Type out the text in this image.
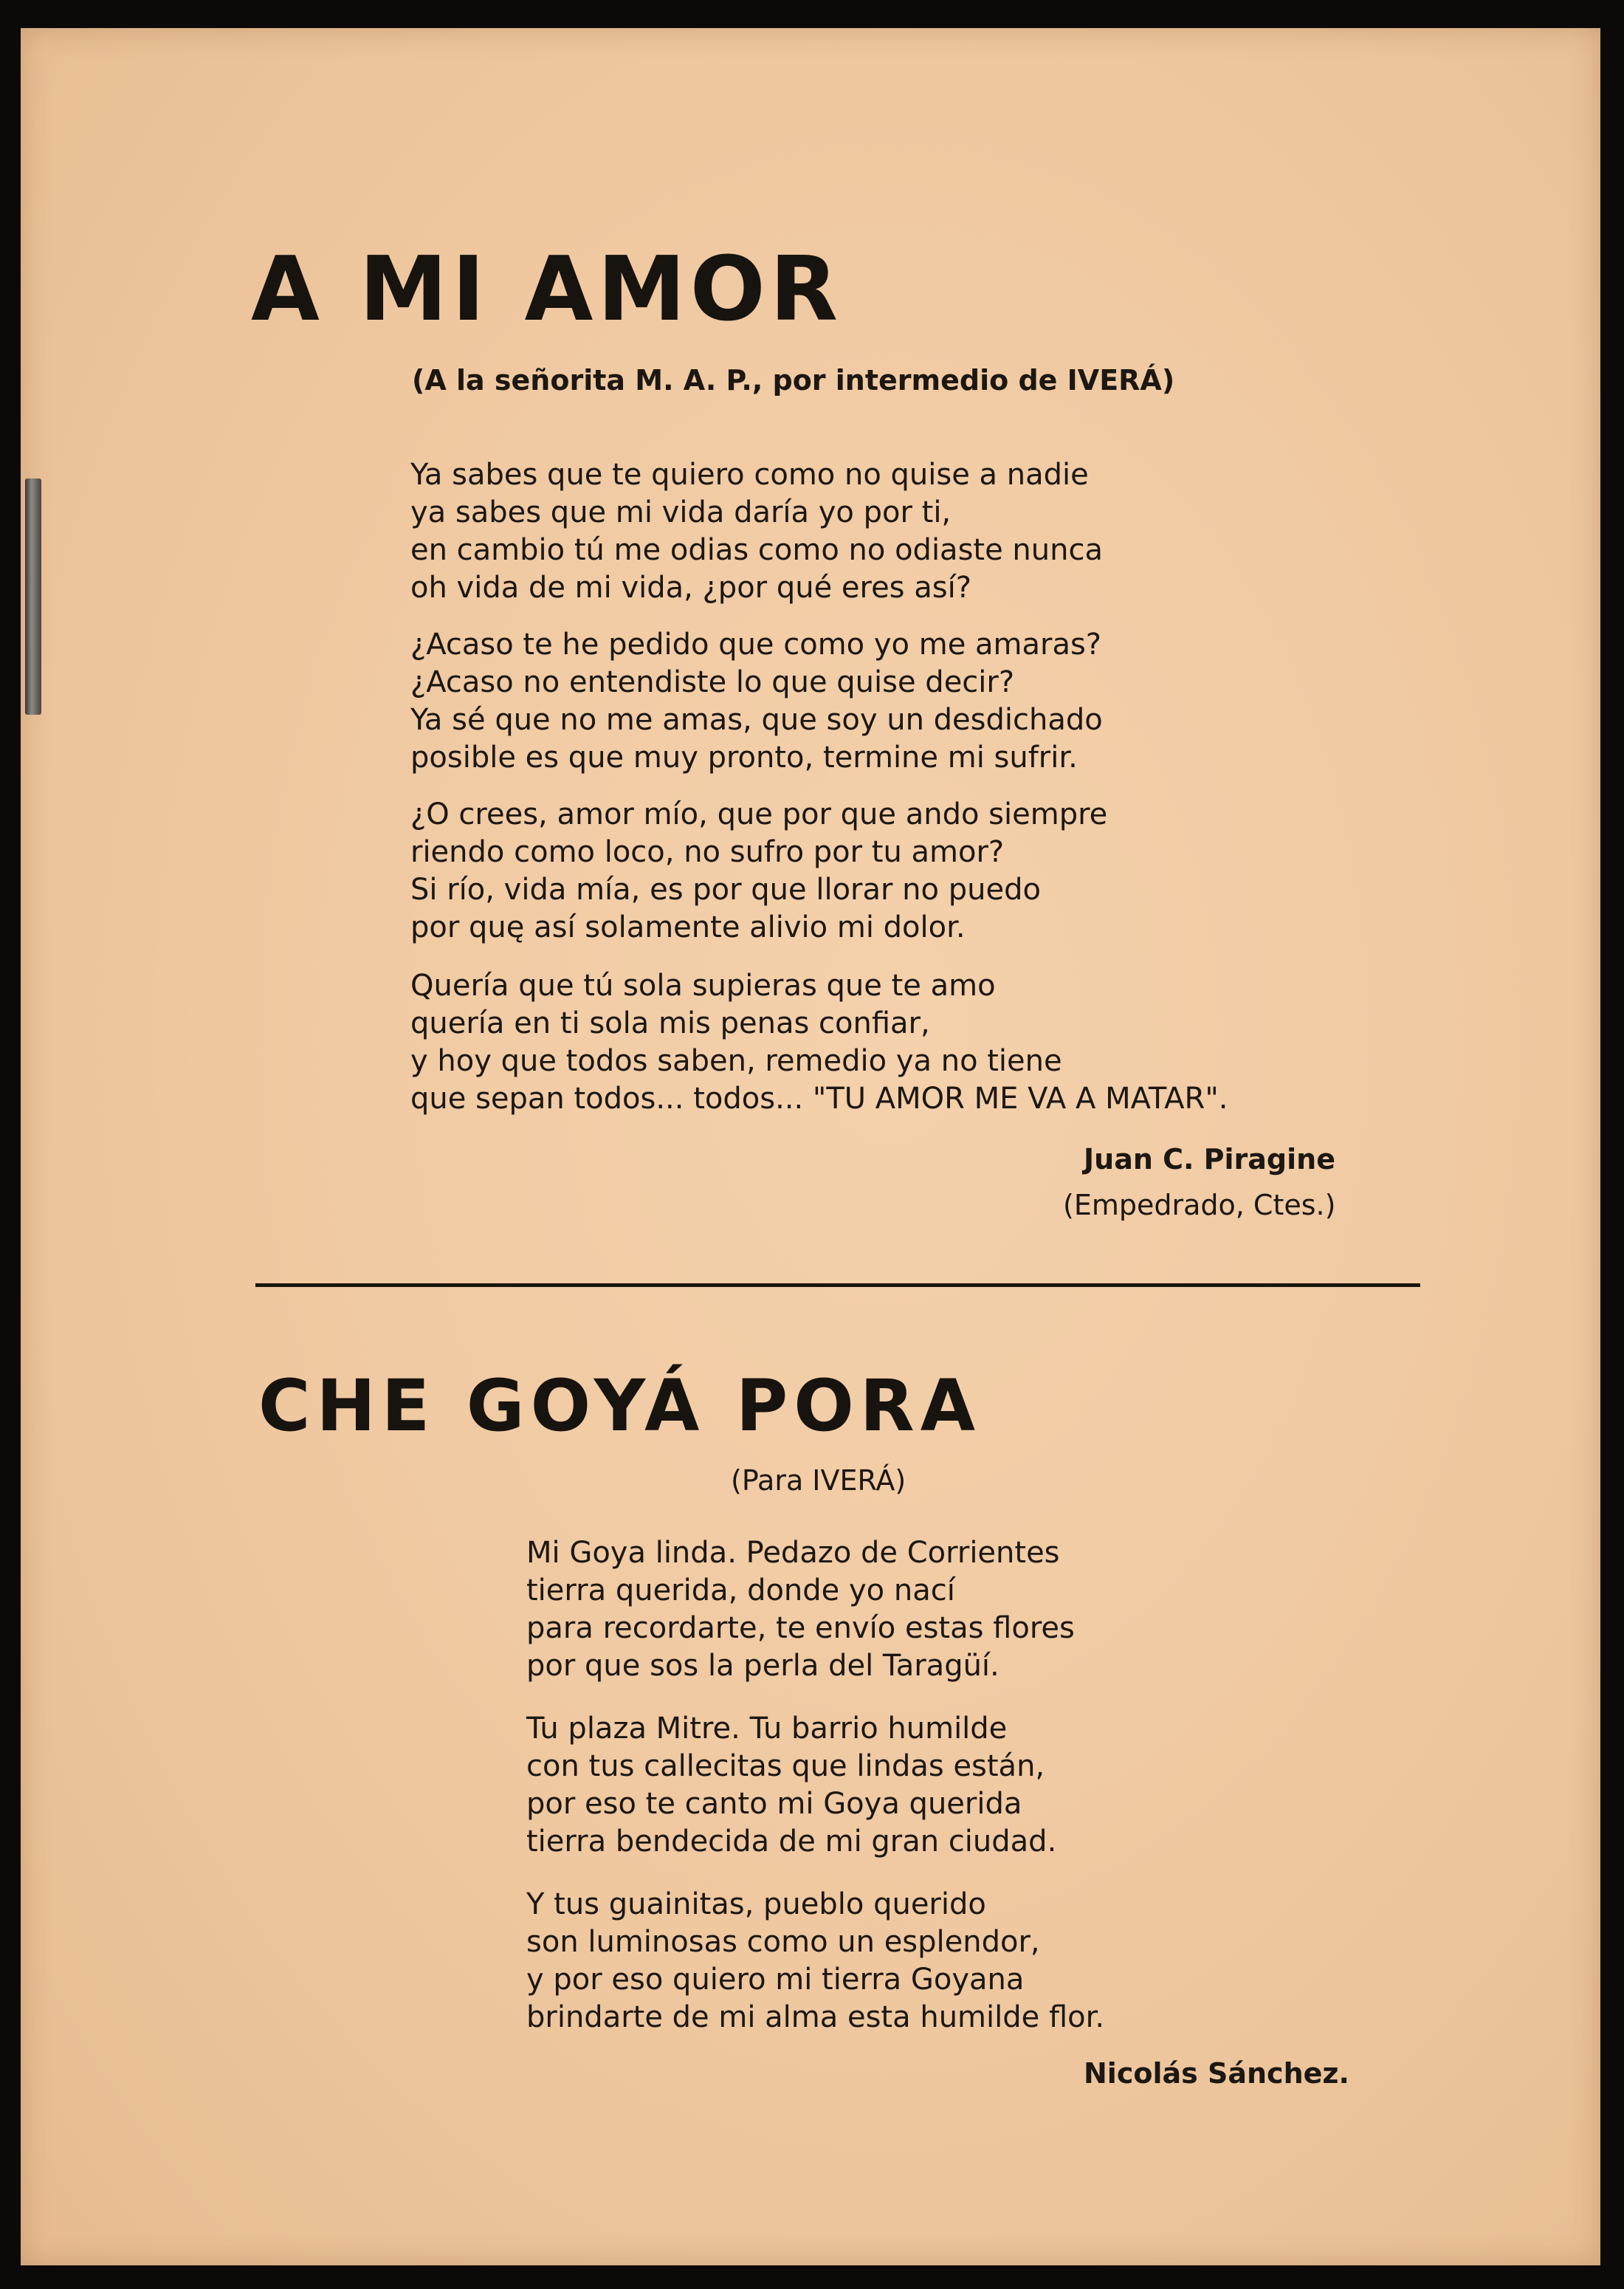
A MI AMOR

(A la señorita M. A. P., por intermedio de IVERÁ)

Ya sabes que te quiero como no quise a nadie
ya sabes que mi vida daría yo por ti,
en cambio tú me odias como no odiaste nunca
oh vida de mi vida, ¿por qué eres así?
¿Acaso te he pedido que como yo me amaras?
¿Acaso no entendiste lo que quise decir?
Ya sé que no me amas, que soy un desdichado
posible es que muy pronto, termine mi sufrir.
¿O crees, amor mío, que por que ando siempre
riendo como loco, no sufro por tu amor?
Si río, vida mía, es por que llorar no puedo
por quę así solamente alivio mi dolor.
Quería que tú sola supieras que te amo
quería en ti sola mis penas confiar,
y hoy que todos saben, remedio ya no tiene
que sepan todos... todos... "TU AMOR ME VA A MATAR".

Juan C. Piragine

(Empedrado, Ctes.)

CHE GOYÁ PORA

(Para IVERÁ)

Mi Goya linda. Pedazo de Corrientes
tierra querida, donde yo nací
para recordarte, te envío estas flores
por que sos la perla del Taragüí.
Tu plaza Mitre. Tu barrio humilde
con tus callecitas que lindas están,
por eso te canto mi Goya querida
tierra bendecida de mi gran ciudad.
Y tus guainitas, pueblo querido
son luminosas como un esplendor,
y por eso quiero mi tierra Goyana
brindarte de mi alma esta humilde flor.

Nicolás Sánchez.
